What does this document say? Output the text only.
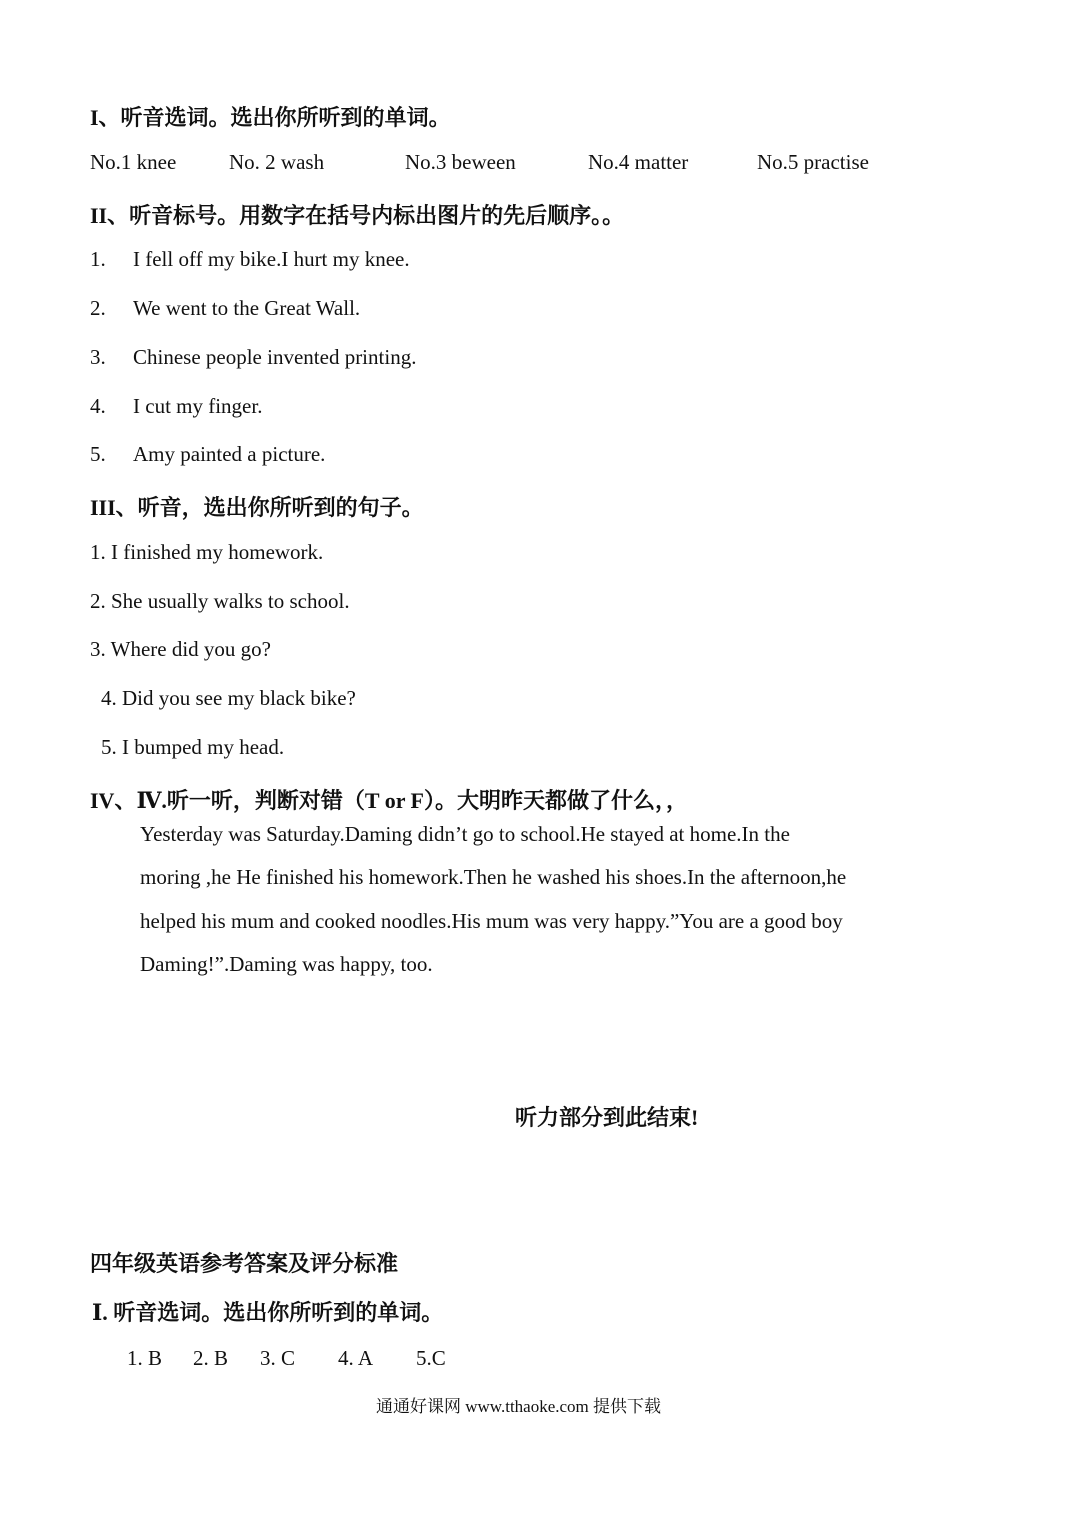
I、听音选词。选出你所听到的单词。
No.1 knee	No. 2 wash	No.3 beween	No.4 matter	No.5 practise
II、听音标号。用数字在括号内标出图片的先后顺序。。
1. I fell off my bike.I hurt my knee.
2. We went to the Great Wall.
3. Chinese people invented printing.
4. I cut my finger.
5. Amy painted a picture.
III、听音，选出你所听到的句子。
1. I finished my homework.
2. She usually walks to school.
3. Where did you go?
4. Did you see my black bike?
5. I bumped my head.
IV、Ⅳ.听一听，判断对错（T or F）。大明昨天都做了什么，，
Yesterday was Saturday.Daming didn’t go to school.He stayed at home.In the
moring ,he He finished his homework.Then he washed his shoes.In the afternoon,he
helped his mum and cooked noodles.His mum was very happy.”You are a good boy
Daming!”.Daming was happy, too.
听力部分到此结束!
四年级英语参考答案及评分标准
Ⅰ. 听音选词。选出你所听到的单词。
1. B 2. B 3. C 4. A 5.C
通通好课网 www.tthaoke.com 提供下载
